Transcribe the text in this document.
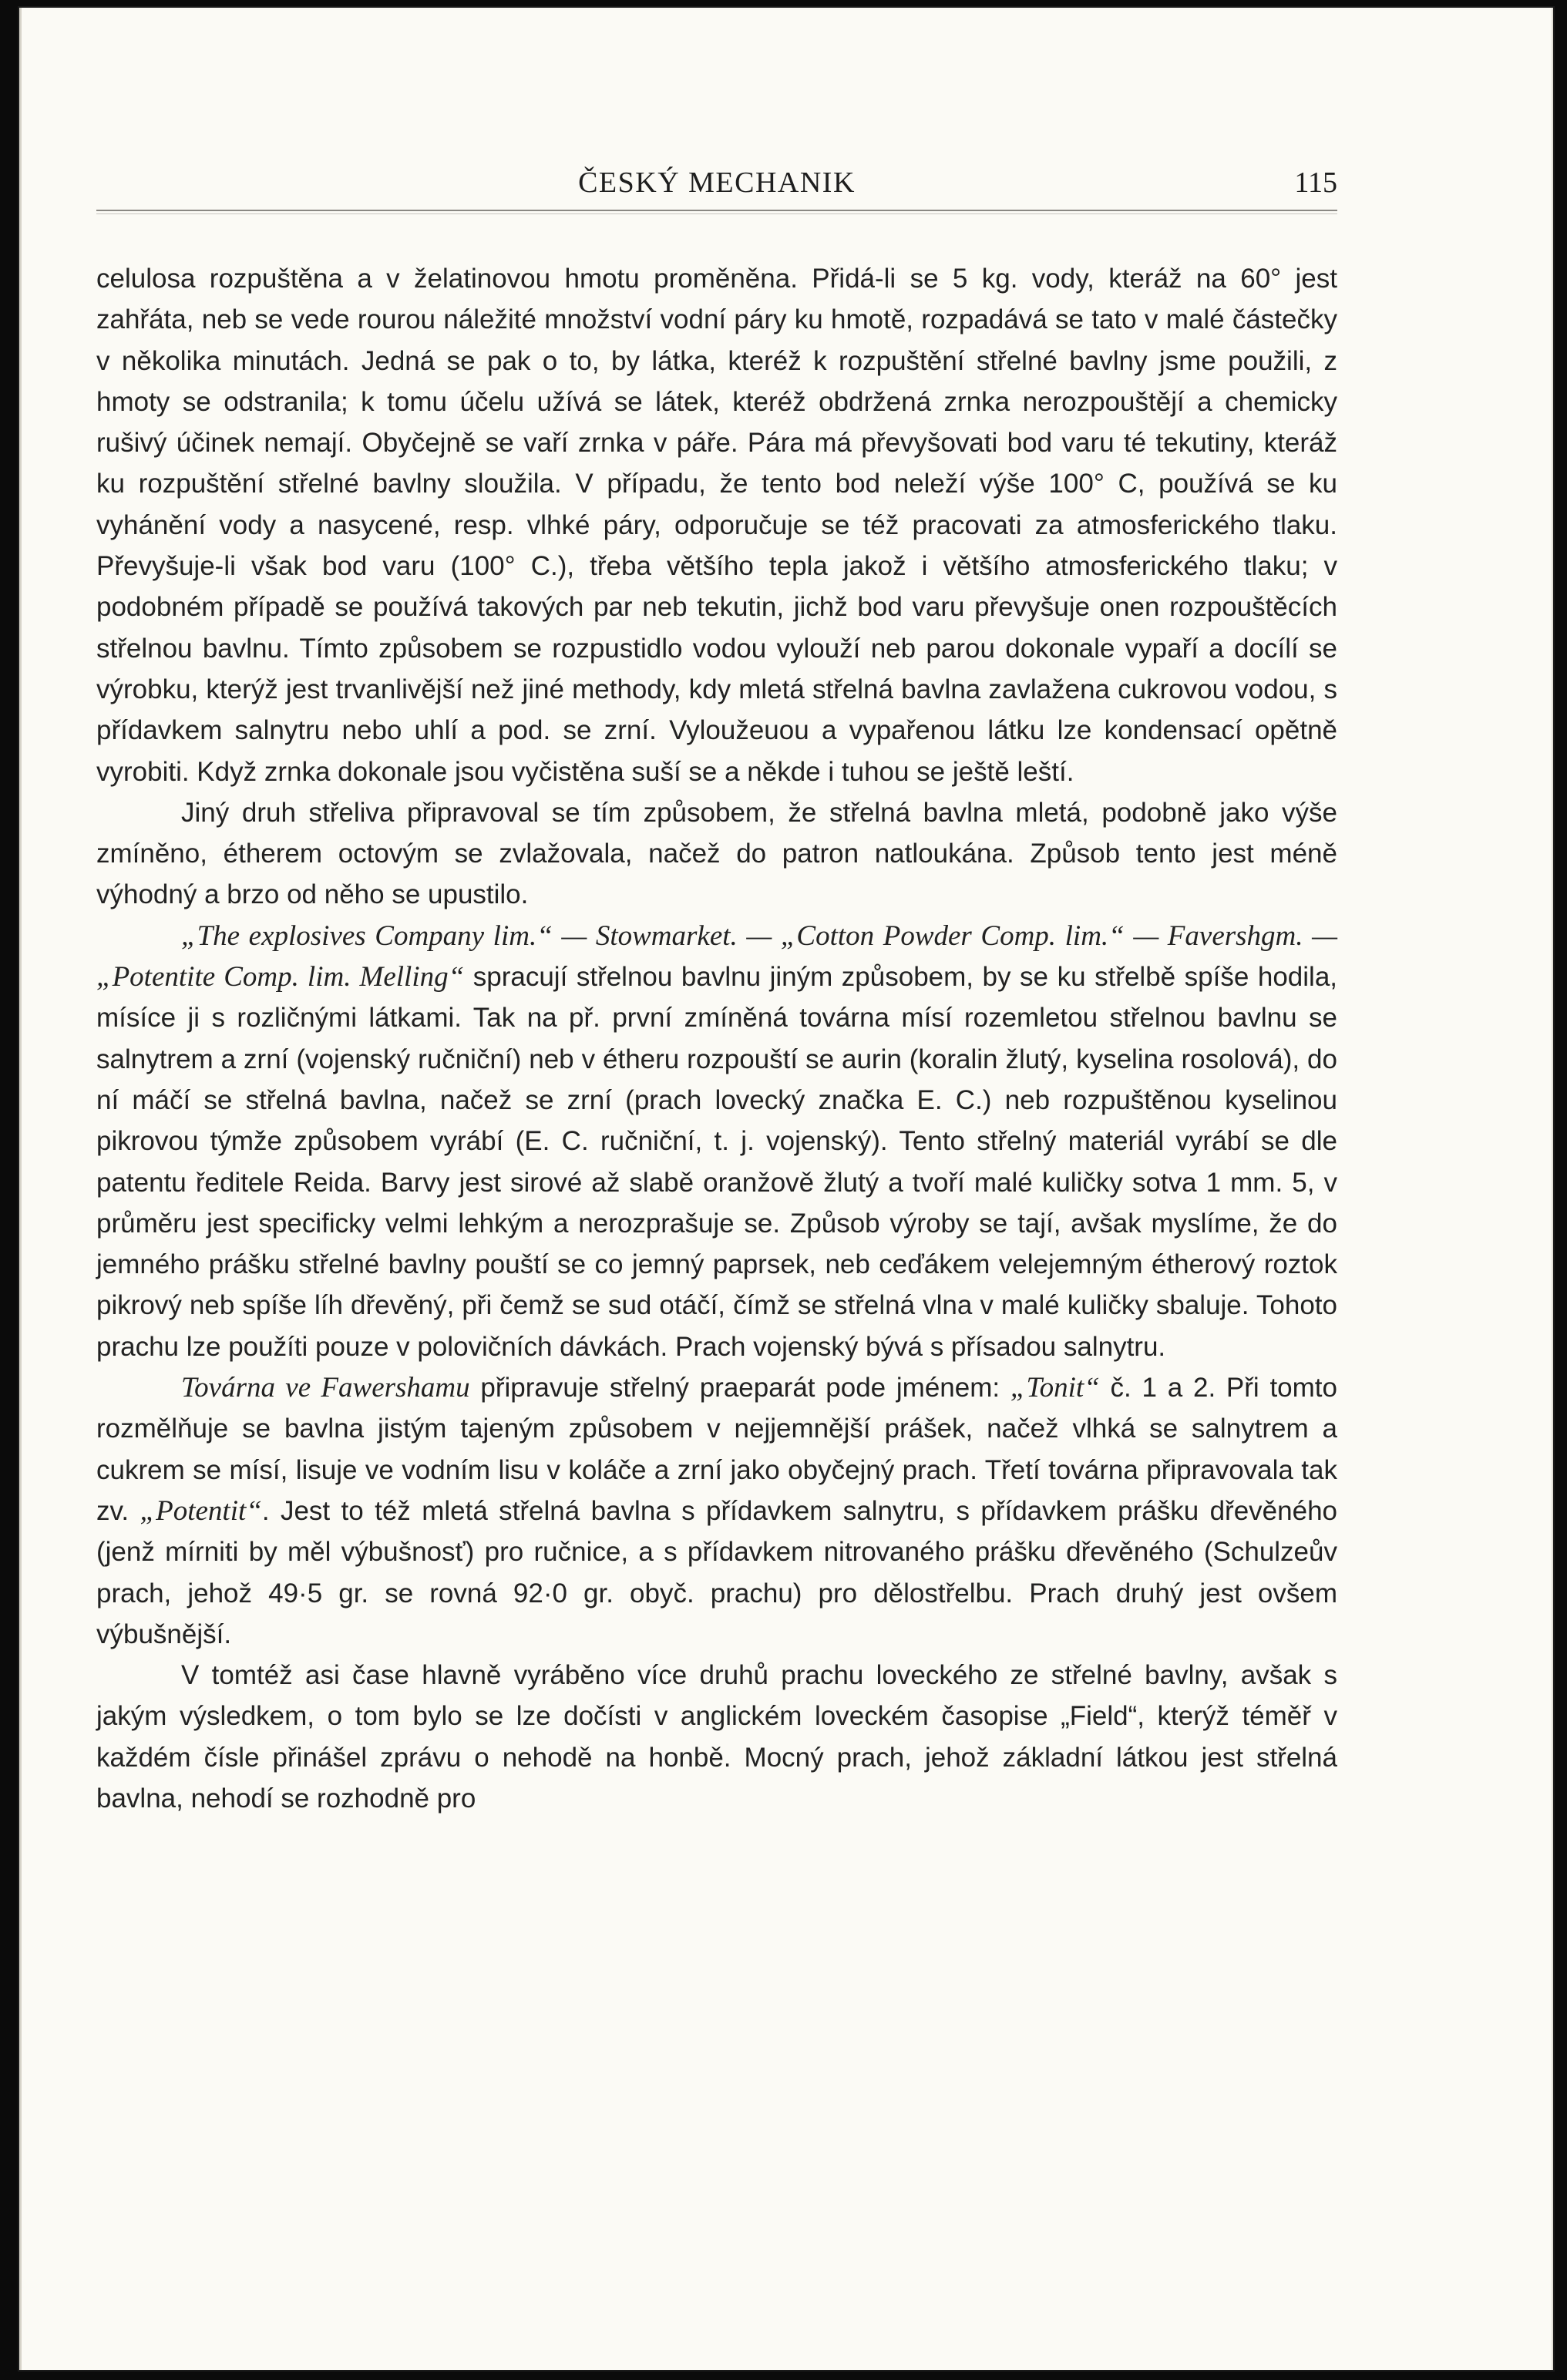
ČESKÝ MECHANIK	115

celulosa rozpuštěna a v želatinovou hmotu proměněna. Přidá-li se 5 kg. vody, kteráž na 60° jest zahřáta, neb se vede rourou náležité množství vodní páry ku hmotě, rozpadává se tato v malé částečky v několika minutách. Jedná se pak o to, by látka, kteréž k rozpuštění střelné bavlny jsme použili, z hmoty se odstranila; k tomu účelu užívá se látek, kteréž obdržená zrnka nerozpouštějí a chemicky rušivý účinek nemají. Obyčejně se vaří zrnka v páře. Pára má převyšovati bod varu té tekutiny, kteráž ku rozpuštění střelné bavlny sloužila. V případu, že tento bod neleží výše 100° C, používá se ku vyhánění vody a nasycené, resp. vlhké páry, odporučuje se též pracovati za atmosferického tlaku. Převyšuje-li však bod varu (100° C.), třeba většího tepla jakož i většího atmosferického tlaku; v podobném případě se používá takových par neb tekutin, jichž bod varu převyšuje onen rozpouštěcích střelnou bavlnu. Tímto způsobem se rozpustidlo vodou vylouží neb parou dokonale vypaří a docílí se výrobku, kterýž jest trvanlivější než jiné methody, kdy mletá střelná bavlna zavlažena cukrovou vodou, s přídavkem salnytru nebo uhlí a pod. se zrní. Vyloužeuou a vypařenou látku lze kondensací opětně vyrobiti. Když zrnka dokonale jsou vyčistěna suší se a někde i tuhou se ještě leští.

Jiný druh střeliva připravoval se tím způsobem, že střelná bavlna mletá, podobně jako výše zmíněno, étherem octovým se zvlažovala, načež do patron natloukána. Způsob tento jest méně výhodný a brzo od něho se upustilo.

„The explosives Company lim.“ — Stowmarket. — „Cotton Powder Comp. lim.“ — Favershgm. — „Potentite Comp. lim. Melling“ spracují střelnou bavlnu jiným způsobem, by se ku střelbě spíše hodila, mísíce ji s rozličnými látkami. Tak na př. první zmíněná továrna mísí rozemletou střelnou bavlnu se salnytrem a zrní (vojenský ručniční) neb v étheru rozpouští se aurin (koralin žlutý, kyselina rosolová), do ní máčí se střelná bavlna, načež se zrní (prach lovecký značka E. C.) neb rozpuštěnou kyselinou pikrovou týmže způsobem vyrábí (E. C. ručniční, t. j. vojenský). Tento střelný materiál vyrábí se dle patentu ředitele Reida. Barvy jest sirové až slabě oranžově žlutý a tvoří malé kuličky sotva 1 mm. 5, v průměru jest specificky velmi lehkým a nerozprašuje se. Způsob výroby se tají, avšak myslíme, že do jemného prášku střelné bavlny pouští se co jemný paprsek, neb ceďákem velejemným étherový roztok pikrový neb spíše líh dřevěný, při čemž se sud otáčí, čímž se střelná vlna v malé kuličky sbaluje. Tohoto prachu lze použíti pouze v polovičních dávkách. Prach vojenský bývá s přísadou salnytru.

Továrna ve Fawershamu připravuje střelný praeparát pode jménem: „Tonit“ č. 1 a 2. Při tomto rozmělňuje se bavlna jistým tajeným způsobem v nejjemnější prášek, načež vlhká se salnytrem a cukrem se mísí, lisuje ve vodním lisu v koláče a zrní jako obyčejný prach. Třetí továrna připravovala tak zv. „Potentit“. Jest to též mletá střelná bavlna s přídavkem salnytru, s přídavkem prášku dřevěného (jenž mírniti by měl výbušnosť) pro ručnice, a s přídavkem nitrovaného prášku dřevěného (Schulzeův prach, jehož 49·5 gr. se rovná 92·0 gr. obyč. prachu) pro dělostřelbu. Prach druhý jest ovšem výbušnější.

V tomtéž asi čase hlavně vyráběno více druhů prachu loveckého ze střelné bavlny, avšak s jakým výsledkem, o tom bylo se lze dočísti v anglickém loveckém časopise „Field“, kterýž téměř v každém čísle přinášel zprávu o nehodě na honbě. Mocný prach, jehož základní látkou jest střelná bavlna, nehodí se rozhodně pro
